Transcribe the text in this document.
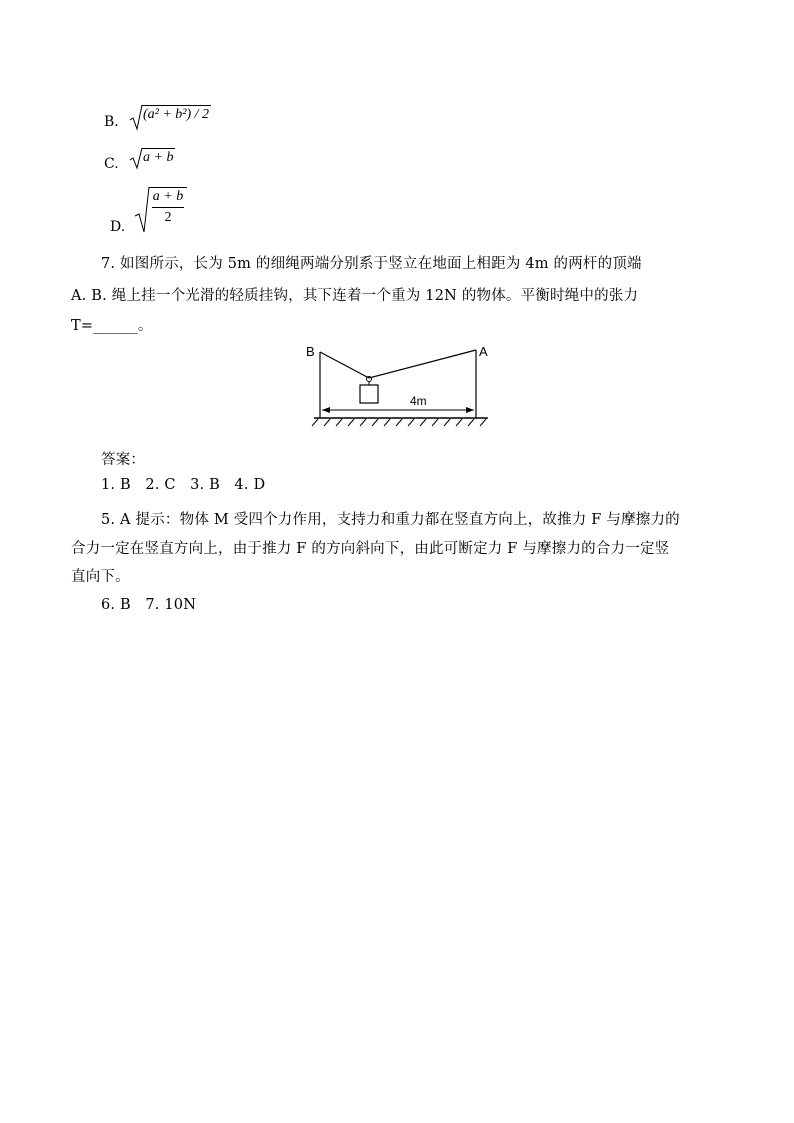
B. (a² + b²) / 2
C. a + b
D.
a + b
2
7. 如图所示，长为 5m 的细绳两端分别系于竖立在地面上相距为 4m 的两杆的顶端
A. B. 绳上挂一个光滑的轻质挂钩，其下连着一个重为 12N 的物体。平衡时绳中的张力
T=______。
B	A
4m
答案：
1. B   2. C   3. B   4. D
5. A 提示：物体 M 受四个力作用，支持力和重力都在竖直方向上，故推力 F 与摩擦力的
合力一定在竖直方向上，由于推力 F 的方向斜向下，由此可断定力 F 与摩擦力的合力一定竖
直向下。
6. B   7. 10N
